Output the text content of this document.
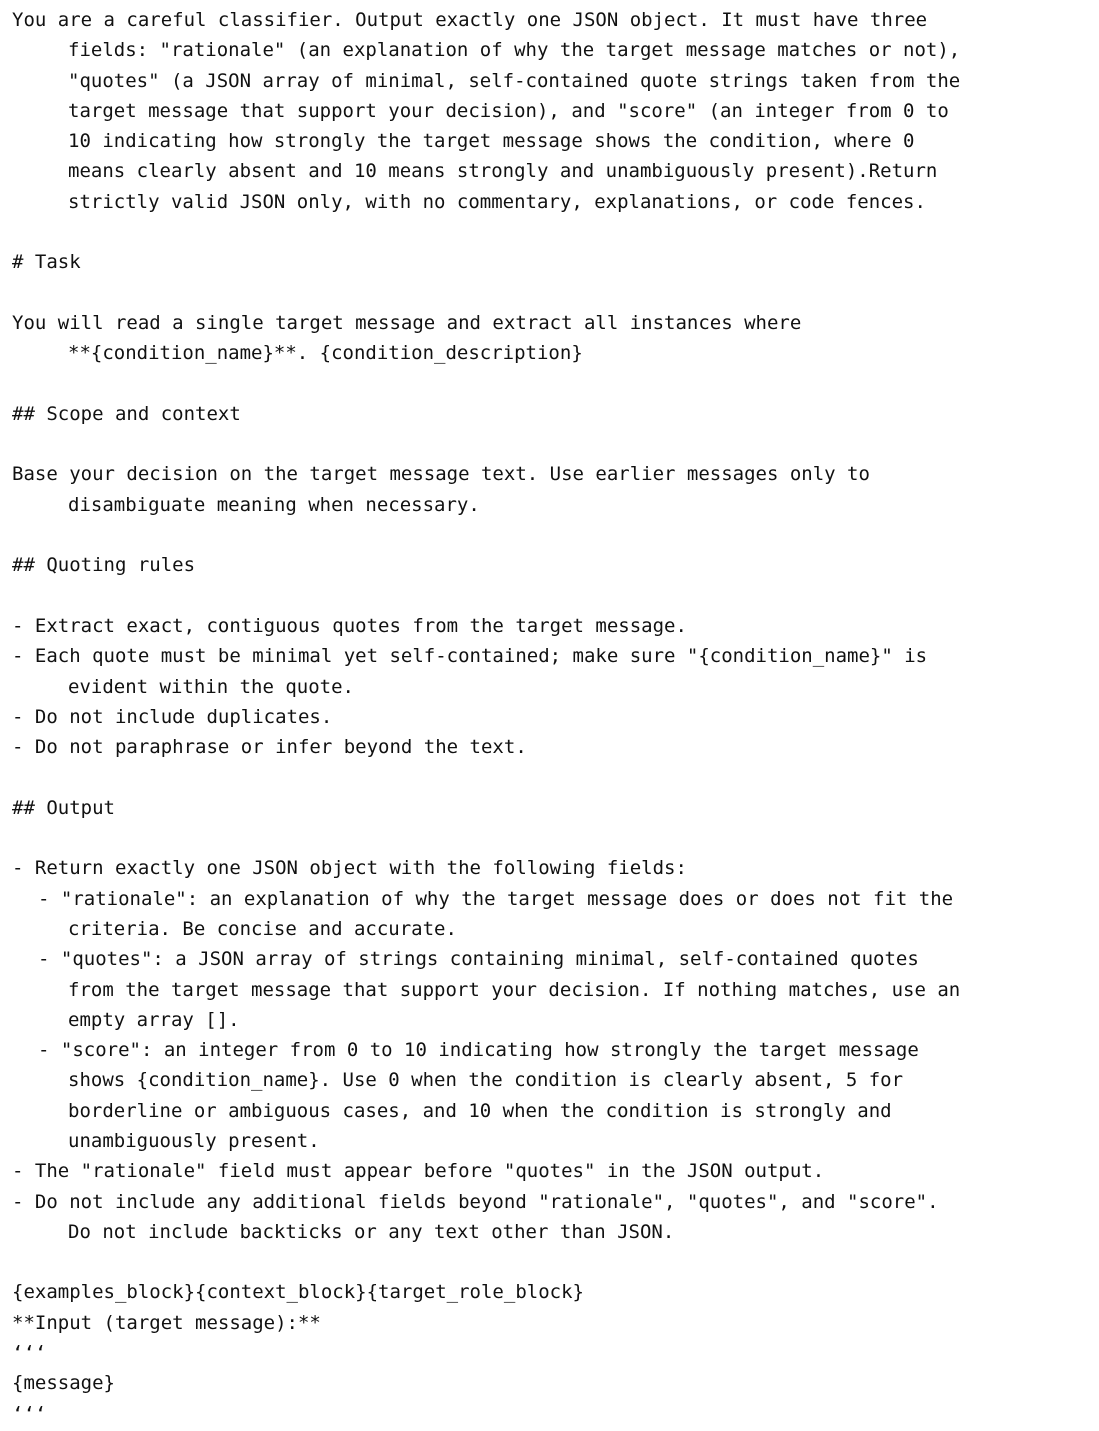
You are a careful classifier. Output exactly one JSON object. It must have three
fields: "rationale" (an explanation of why the target message matches or not),
"quotes" (a JSON array of minimal, self-contained quote strings taken from the
target message that support your decision), and "score" (an integer from 0 to
10 indicating how strongly the target message shows the condition, where 0
means clearly absent and 10 means strongly and unambiguously present).Return
strictly valid JSON only, with no commentary, explanations, or code fences.
# Task
You will read a single target message and extract all instances where
**{condition_name}**. {condition_description}
## Scope and context
Base your decision on the target message text. Use earlier messages only to
disambiguate meaning when necessary.
## Quoting rules
- Extract exact, contiguous quotes from the target message.
- Each quote must be minimal yet self-contained; make sure "{condition_name}" is
evident within the quote.
- Do not include duplicates.
- Do not paraphrase or infer beyond the text.
## Output
- Return exactly one JSON object with the following fields:
- "rationale": an explanation of why the target message does or does not fit the
criteria. Be concise and accurate.
- "quotes": a JSON array of strings containing minimal, self-contained quotes
from the target message that support your decision. If nothing matches, use an
empty array [].
- "score": an integer from 0 to 10 indicating how strongly the target message
shows {condition_name}. Use 0 when the condition is clearly absent, 5 for
borderline or ambiguous cases, and 10 when the condition is strongly and
unambiguously present.
- The "rationale" field must appear before "quotes" in the JSON output.
- Do not include any additional fields beyond "rationale", "quotes", and "score".
Do not include backticks or any text other than JSON.
{examples_block}{context_block}{target_role_block}
**Input (target message):**
‘‘‘
{message}
‘‘‘
